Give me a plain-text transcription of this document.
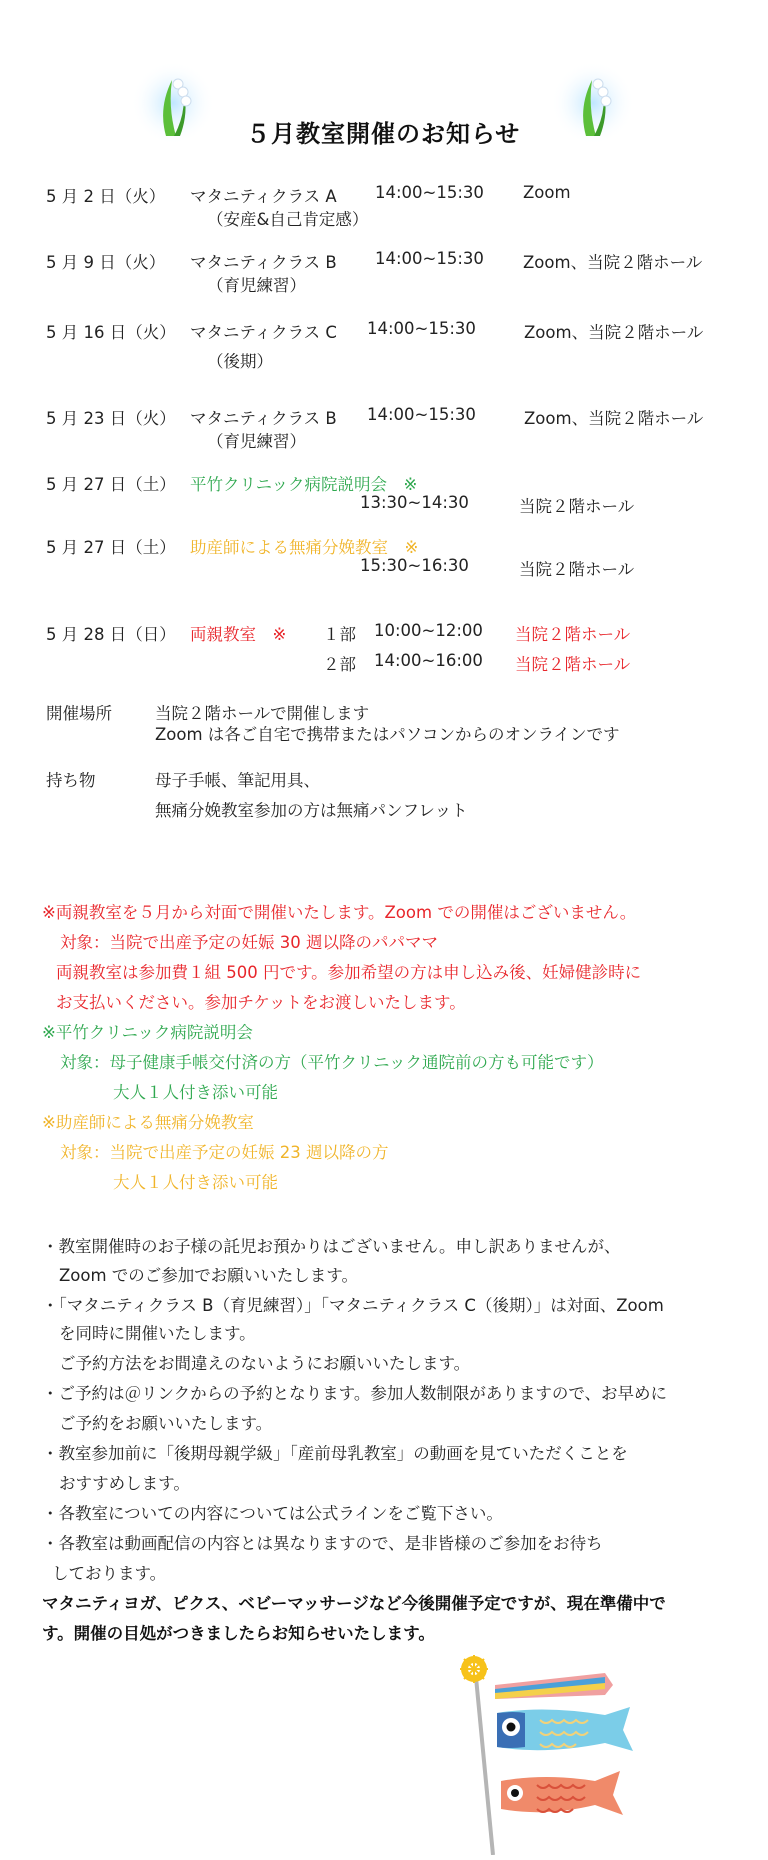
５月教室開催のお知らせ
5 月 2 日（火） マタニティクラス A 14:00~15:30 Zoom
（安産&自己肯定感）
5 月 9 日（火） マタニティクラス B 14:00~15:30 Zoom、当院２階ホール
（育児練習）
5 月 16 日（火） マタニティクラス C 14:00~15:30	Zoom、当院２階ホール
（後期）
5 月 23 日（火） マタニティクラス B 14:00~15:30	Zoom、当院２階ホール
（育児練習）
5 月 27 日（土） 平竹クリニック病院説明会　※
13:30~14:30	当院２階ホール
5 月 27 日（土） 助産師による無痛分娩教室　※
15:30~16:30	当院２階ホール
5 月 28 日（日） 両親教室　※ １部 10:00~12:00 当院２階ホール
２部 14:00~16:00 当院２階ホール
開催場所	当院２階ホールで開催します
Zoom は各ご自宅で携帯またはパソコンからのオンラインです
持ち物	母子手帳、筆記用具、
無痛分娩教室参加の方は無痛パンフレット
※両親教室を５月から対面で開催いたします。Zoom での開催はございません。
対象：当院で出産予定の妊娠 30 週以降のパパママ
両親教室は参加費１組 500 円です。参加希望の方は申し込み後、妊婦健診時に
お支払いください。参加チケットをお渡しいたします。
※平竹クリニック病院説明会
対象：母子健康手帳交付済の方（平竹クリニック通院前の方も可能です）
大人１人付き添い可能
※助産師による無痛分娩教室
対象：当院で出産予定の妊娠 23 週以降の方
大人１人付き添い可能
・教室開催時のお子様の託児お預かりはございません。申し訳ありませんが、
Zoom でのご参加でお願いいたします。
・「マタニティクラス B（育児練習）」「マタニティクラス C（後期）」は対面、Zoom
を同時に開催いたします。
ご予約方法をお間違えのないようにお願いいたします。
・ご予約は＠リンクからの予約となります。参加人数制限がありますので、お早めに
ご予約をお願いいたします。
・教室参加前に「後期母親学級」「産前母乳教室」の動画を見ていただくことを
おすすめします。
・各教室についての内容については公式ラインをご覧下さい。
・各教室は動画配信の内容とは異なりますので、是非皆様のご参加をお待ち
しております。
マタニティヨガ、ピクス、ベビーマッサージなど今後開催予定ですが、現在準備中で
す。開催の目処がつきましたらお知らせいたします。
